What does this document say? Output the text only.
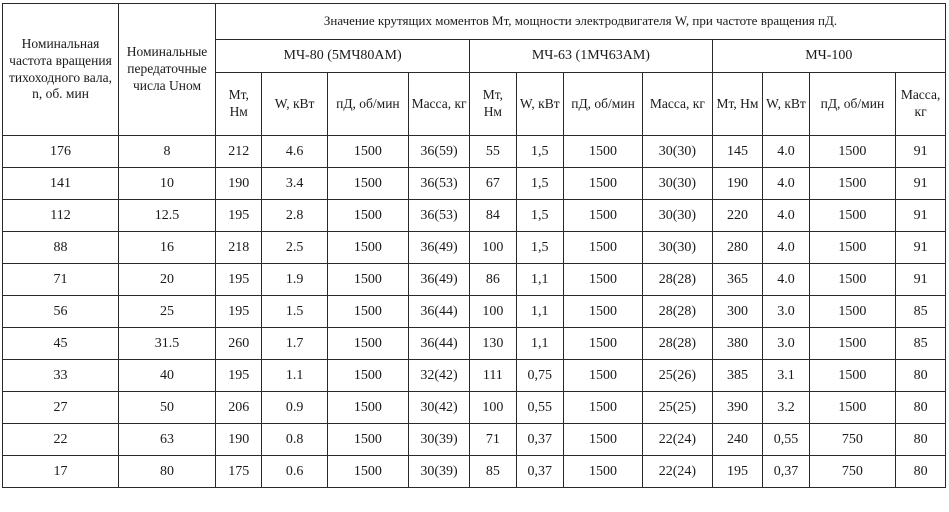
Номинальная частота вращения тихоходного вала, n, об. мин	Номинальные передаточные числа Uном	Значение крутящих моментов Мт, мощности электродвигателя W, при частоте вращения пД.											
		МЧ-80 (5МЧ80АМ)				МЧ-63 (1МЧ63АМ)				МЧ-100			
		Мт, Нм	W, кВт	пД, об/мин	Масса, кг	Мт, Нм	W, кВт	пД, об/мин	Масса, кг	Мт, Нм	W, кВт	пД, об/мин	Масса, кг
176	8	212	4.6	1500	36(59)	55	1,5	1500	30(30)	145	4.0	1500	91
141	10	190	3.4	1500	36(53)	67	1,5	1500	30(30)	190	4.0	1500	91
112	12.5	195	2.8	1500	36(53)	84	1,5	1500	30(30)	220	4.0	1500	91
88	16	218	2.5	1500	36(49)	100	1,5	1500	30(30)	280	4.0	1500	91
71	20	195	1.9	1500	36(49)	86	1,1	1500	28(28)	365	4.0	1500	91
56	25	195	1.5	1500	36(44)	100	1,1	1500	28(28)	300	3.0	1500	85
45	31.5	260	1.7	1500	36(44)	130	1,1	1500	28(28)	380	3.0	1500	85
33	40	195	1.1	1500	32(42)	111	0,75	1500	25(26)	385	3.1	1500	80
27	50	206	0.9	1500	30(42)	100	0,55	1500	25(25)	390	3.2	1500	80
22	63	190	0.8	1500	30(39)	71	0,37	1500	22(24)	240	0,55	750	80
17	80	175	0.6	1500	30(39)	85	0,37	1500	22(24)	195	0,37	750	80
